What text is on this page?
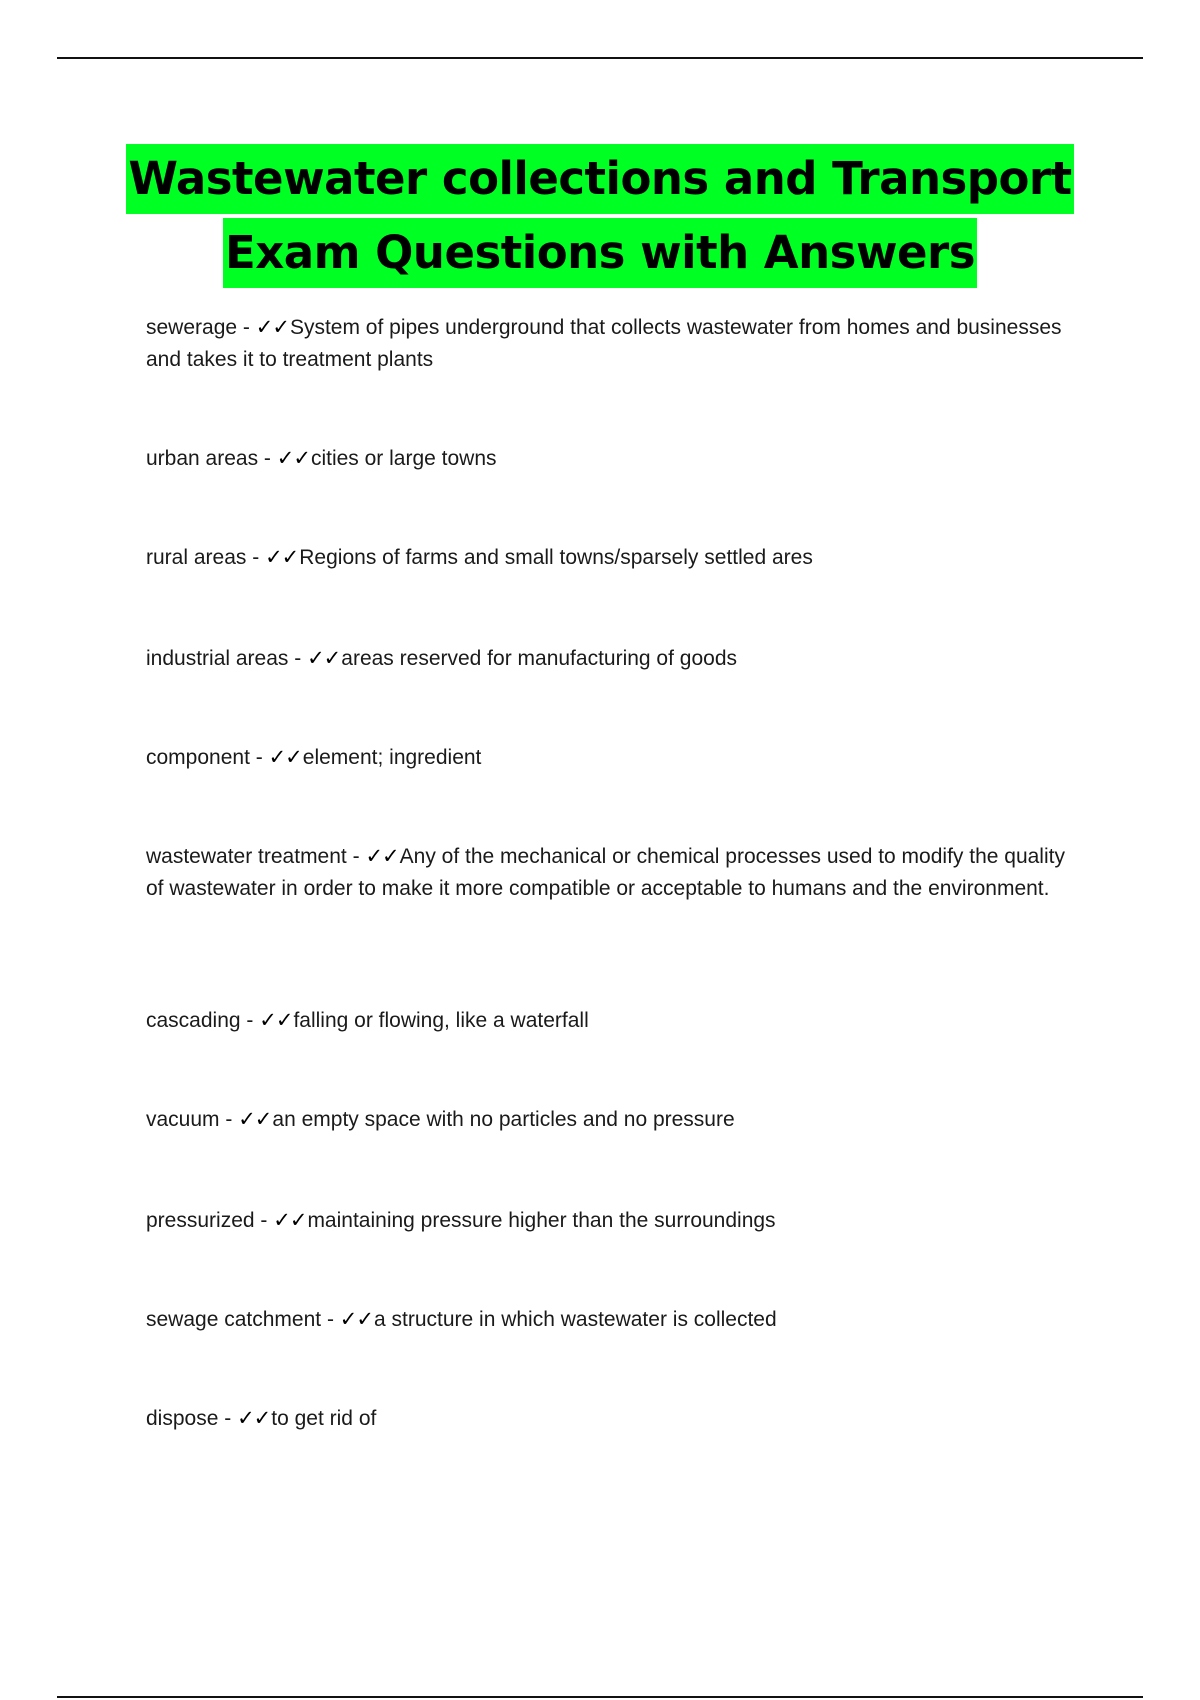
Wastewater collections and Transport
Exam Questions with Answers
sewerage - ✓✓System of pipes underground that collects wastewater from homes and businesses and takes it to treatment plants
urban areas - ✓✓cities or large towns
rural areas - ✓✓Regions of farms and small towns/sparsely settled ares
industrial areas - ✓✓areas reserved for manufacturing of goods
component - ✓✓element; ingredient
wastewater treatment - ✓✓Any of the mechanical or chemical processes used to modify the quality of wastewater in order to make it more compatible or acceptable to humans and the environment.
cascading - ✓✓falling or flowing, like a waterfall
vacuum - ✓✓an empty space with no particles and no pressure
pressurized - ✓✓maintaining pressure higher than the surroundings
sewage catchment - ✓✓a structure in which wastewater is collected
dispose - ✓✓to get rid of
